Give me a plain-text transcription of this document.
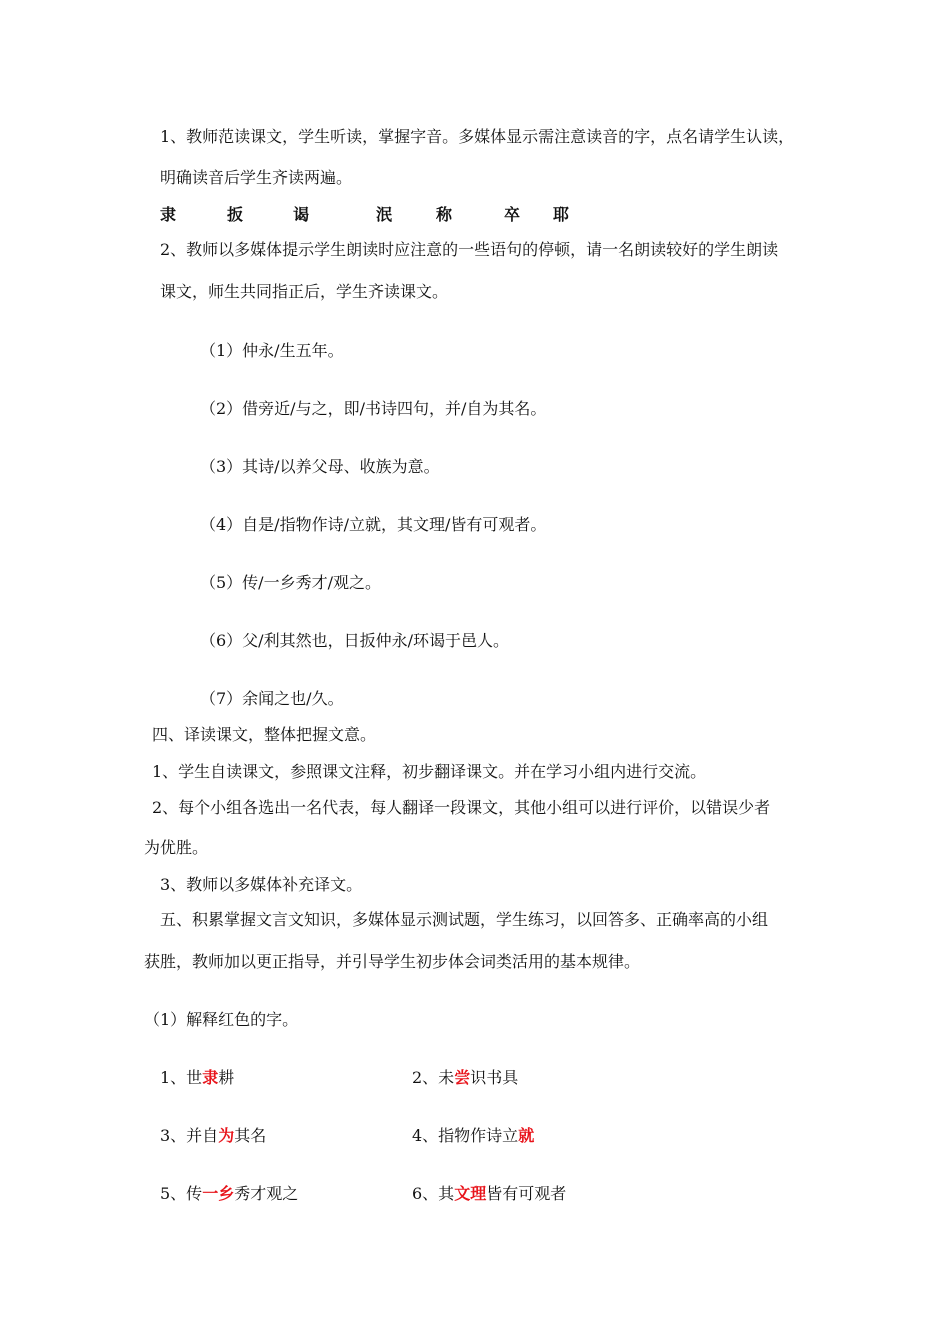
1、教师范读课文，学生听读，掌握字音。多媒体显示需注意读音的字，点名请学生认读，
明确读音后学生齐读两遍。
隶	扳	谒	泯	称	卒 耶
2、教师以多媒体提示学生朗读时应注意的一些语句的停顿，请一名朗读较好的学生朗读
课文，师生共同指正后，学生齐读课文。
（1）仲永/生五年。
（2）借旁近/与之，即/书诗四句，并/自为其名。
（3）其诗/以养父母、收族为意。
（4）自是/指物作诗/立就，其文理/皆有可观者。
（5）传/一乡秀才/观之。
（6）父/利其然也，日扳仲永/环谒于邑人。
（7）余闻之也/久。
四、译读课文，整体把握文意。
1、学生自读课文，参照课文注释，初步翻译课文。并在学习小组内进行交流。
2、每个小组各选出一名代表，每人翻译一段课文，其他小组可以进行评价，以错误少者
为优胜。
3、教师以多媒体补充译文。
五、积累掌握文言文知识，多媒体显示测试题，学生练习，以回答多、正确率高的小组
获胜，教师加以更正指导，并引导学生初步体会词类活用的基本规律。
（1）解释红色的字。
1、世隶耕	2、未尝识书具
3、并自为其名	4、指物作诗立就
5、传一乡秀才观之	6、其文理皆有可观者
